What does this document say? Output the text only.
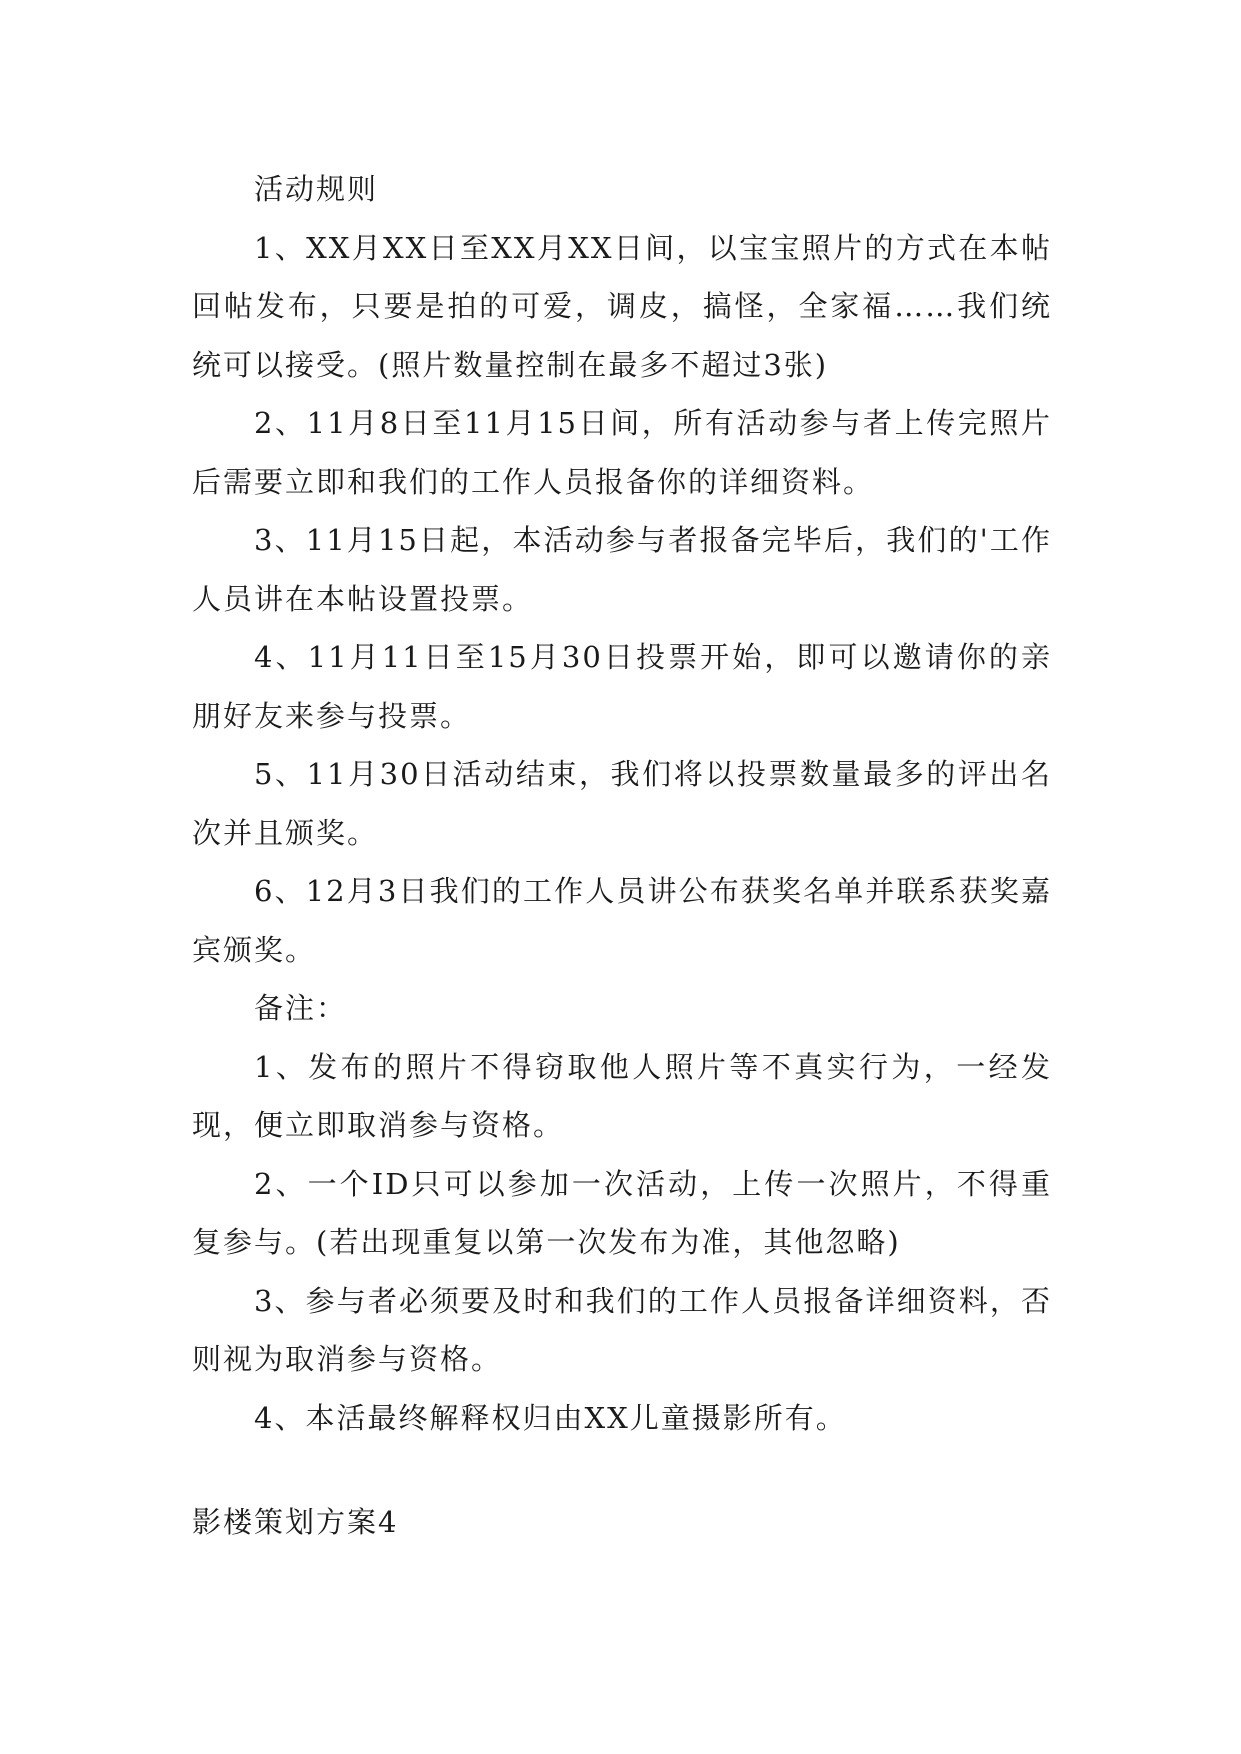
活动规则

1、XX月XX日至XX月XX日间，以宝宝照片的方式在本帖回帖发布，只要是拍的可爱，调皮，搞怪，全家福……我们统统可以接受。(照片数量控制在最多不超过3张)

2、11月8日至11月15日间，所有活动参与者上传完照片后需要立即和我们的工作人员报备你的详细资料。

3、11月15日起，本活动参与者报备完毕后，我们的'工作人员讲在本帖设置投票。

4、11月11日至15月30日投票开始，即可以邀请你的亲朋好友来参与投票。

5、11月30日活动结束，我们将以投票数量最多的评出名次并且颁奖。

6、12月3日我们的工作人员讲公布获奖名单并联系获奖嘉宾颁奖。

备注：

1、发布的照片不得窃取他人照片等不真实行为，一经发现，便立即取消参与资格。

2、一个ID只可以参加一次活动，上传一次照片，不得重复参与。(若出现重复以第一次发布为准，其他忽略)

3、参与者必须要及时和我们的工作人员报备详细资料，否则视为取消参与资格。

4、本活最终解释权归由XX儿童摄影所有。

影楼策划方案4
